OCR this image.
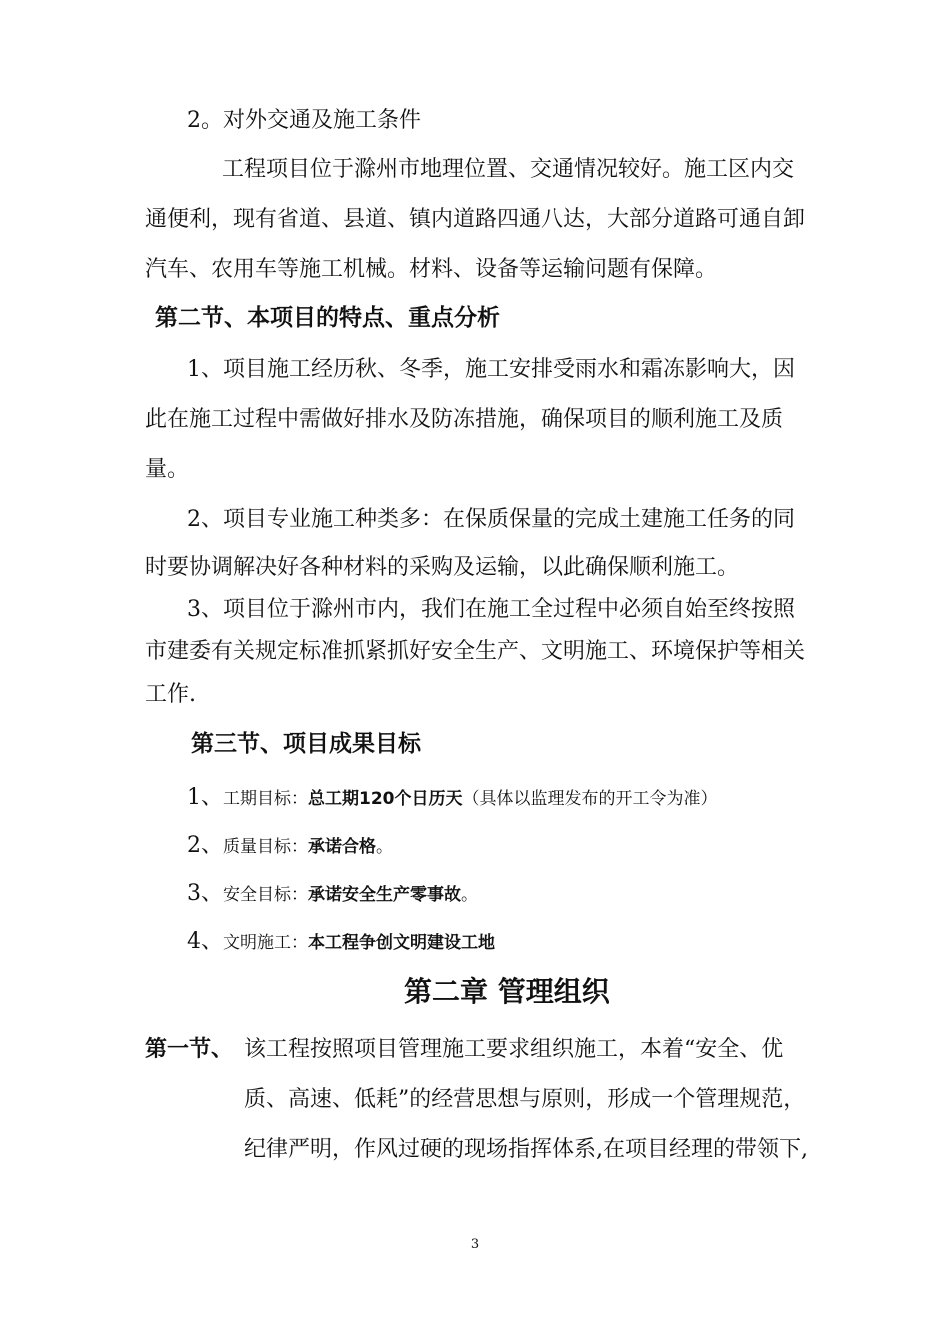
2。对外交通及施工条件
工程项目位于滁州市地理位置、交通情况较好。施工区内交
通便利，现有省道、县道、镇内道路四通八达，大部分道路可通自卸
汽车、农用车等施工机械。材料、设备等运输问题有保障。
第二节、本项目的特点、重点分析
1、项目施工经历秋、冬季，施工安排受雨水和霜冻影响大，因
此在施工过程中需做好排水及防冻措施，确保项目的顺利施工及质
量。
2、项目专业施工种类多：在保质保量的完成土建施工任务的同
时要协调解决好各种材料的采购及运输，以此确保顺利施工。
3、项目位于滁州市内，我们在施工全过程中必须自始至终按照
市建委有关规定标准抓紧抓好安全生产、文明施工、环境保护等相关
工作.
第三节、项目成果目标
1、工期目标：总工期120个日历天（具体以监理发布的开工令为准）
2、质量目标：承诺合格。
3、安全目标：承诺安全生产零事故。
4、文明施工：本工程争创文明建设工地
第二章 管理组织
第一节、 该工程按照项目管理施工要求组织施工，本着“安全、优
质、高速、低耗”的经营思想与原则，形成一个管理规范，
纪律严明，作风过硬的现场指挥体系,在项目经理的带领下,
3
